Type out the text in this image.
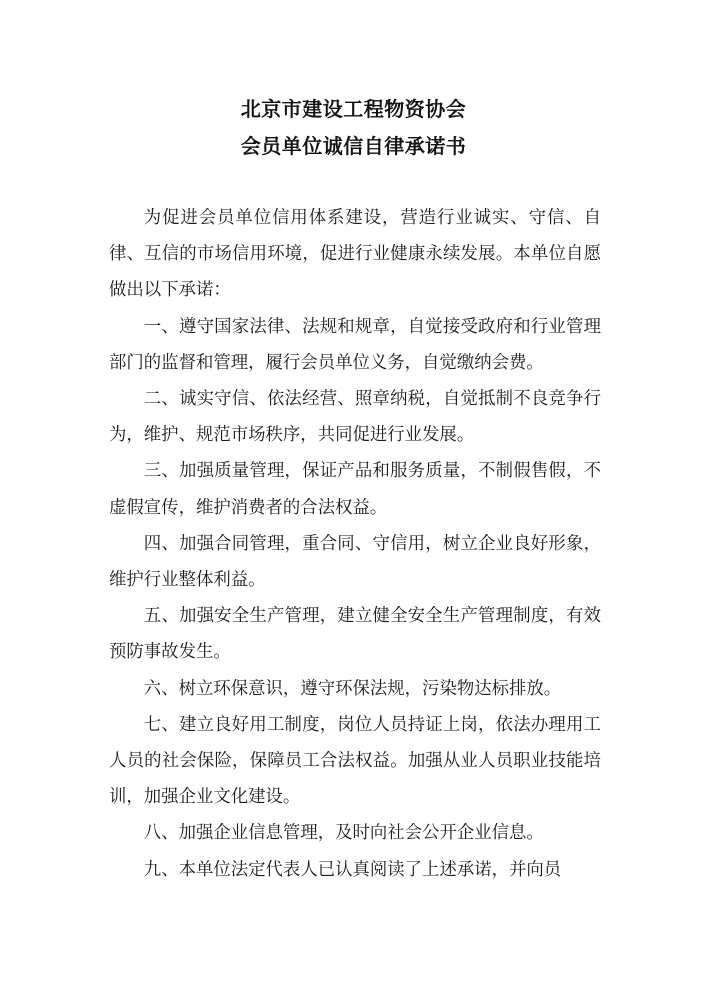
北京市建设工程物资协会
会员单位诚信自律承诺书

为促进会员单位信用体系建设，营造行业诚实、守信、自律、互信的市场信用环境，促进行业健康永续发展。本单位自愿做出以下承诺：

一、遵守国家法律、法规和规章，自觉接受政府和行业管理部门的监督和管理，履行会员单位义务，自觉缴纳会费。

二、诚实守信、依法经营、照章纳税，自觉抵制不良竞争行为，维护、规范市场秩序，共同促进行业发展。

三、加强质量管理，保证产品和服务质量，不制假售假，不虚假宣传，维护消费者的合法权益。

四、加强合同管理，重合同、守信用，树立企业良好形象，维护行业整体利益。

五、加强安全生产管理，建立健全安全生产管理制度，有效预防事故发生。

六、树立环保意识，遵守环保法规，污染物达标排放。

七、建立良好用工制度，岗位人员持证上岗，依法办理用工人员的社会保险，保障员工合法权益。加强从业人员职业技能培训，加强企业文化建设。

八、加强企业信息管理，及时向社会公开企业信息。

九、本单位法定代表人已认真阅读了上述承诺，并向员
